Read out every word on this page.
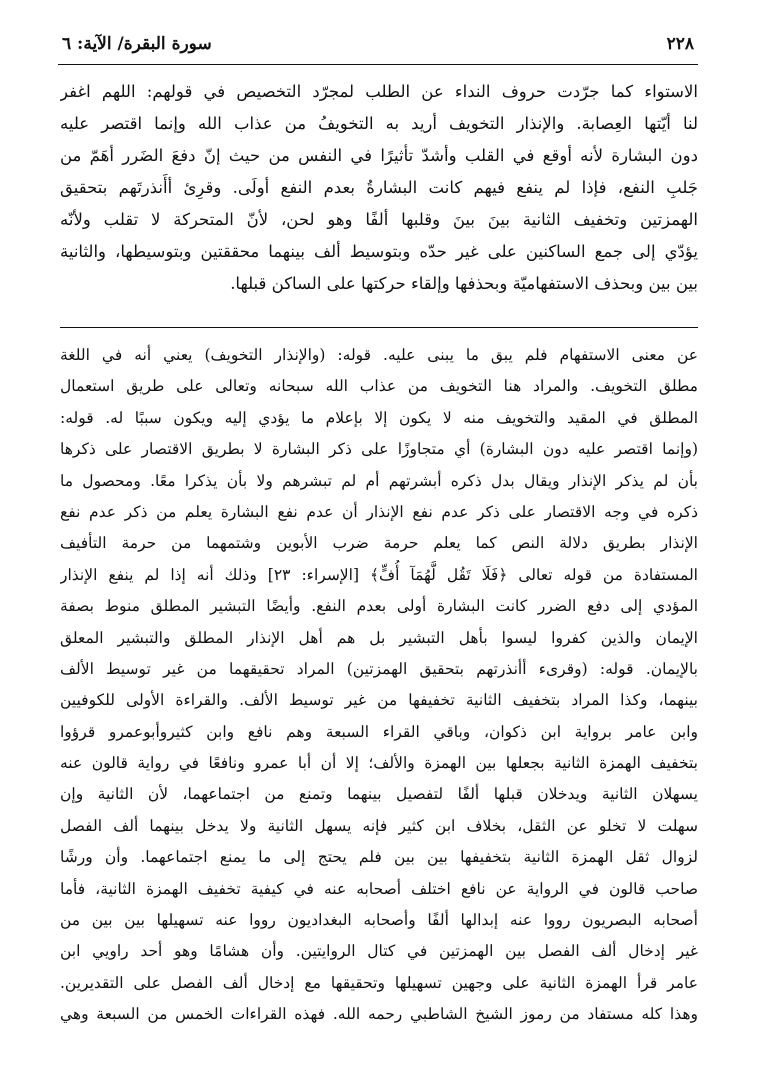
٢٢٨
سورة البقرة/ الآية: ٦
الاستواء كما جرّدت حروف النداء عن الطلب لمجرّد التخصيص في قولهم: اللهم اغفر
لنا أيّتها العِصابة. والإنذار التخويف أريد به التخويفُ من عذاب الله وإنما اقتصر عليه
دون البشارة لأنه أوقع في القلب وأشدّ تأثيرًا في النفس من حيث إنّ دفعَ الضَرر أهَمّ من
جَلبِ النفع، فإذا لم ينفع فيهم كانت البشارةُ بعدم النفع أولَى. وقرِئ أأَنذرتَهم بتحقيق
الهمزتين وتخفيف الثانية بينَ بينَ وقلبها ألفًا وهو لحن، لأنّ المتحركة لا تقلب ولأنّه
يؤدّي إلى جمع الساكنين على غير حدّه وبتوسيط ألف بينهما محققتين وبتوسيطها، والثانية
بين بين وبحذف الاستفهاميّة وبحذفها وإلقاء حركتها على الساكن قبلها.
عن معنى الاستفهام فلم يبق ما يبنى عليه. قوله: (والإنذار التخويف) يعني أنه في اللغة
مطلق التخويف. والمراد هنا التخويف من عذاب الله سبحانه وتعالى على طريق استعمال
المطلق في المقيد والتخويف منه لا يكون إلا بإعلام ما يؤدي إليه ويكون سببًا له. قوله:
(وإنما اقتصر عليه دون البشارة) أي متجاوزًا على ذكر البشارة لا بطريق الاقتصار على ذكرها
بأن لم يذكر الإنذار ويقال بدل ذكره أبشرتهم أم لم تبشرهم ولا بأن يذكرا معًا. ومحصول ما
ذكره في وجه الاقتصار على ذكر عدم نفع الإنذار أن عدم نفع البشارة يعلم من ذكر عدم نفع
الإنذار بطريق دلالة النص كما يعلم حرمة ضرب الأبوين وشتمهما من حرمة التأفيف
المستفادة من قوله تعالى ﴿فَلَا تَقُل لَّهُمَآ أُفٍّ﴾ [الإسراء: ٢٣] وذلك أنه إذا لم ينفع الإنذار
المؤدي إلى دفع الضرر كانت البشارة أولى بعدم النفع. وأيضًا التبشير المطلق منوط بصفة
الإيمان والذين كفروا ليسوا بأهل التبشير بل هم أهل الإنذار المطلق والتبشير المعلق
بالإيمان. قوله: (وقرىء أأنذرتهم بتحقيق الهمزتين) المراد تحقيقهما من غير توسيط الألف
بينهما، وكذا المراد بتخفيف الثانية تخفيفها من غير توسيط الألف. والقراءة الأولى للكوفيين
وابن عامر برواية ابن ذكوان، وباقي القراء السبعة وهم نافع وابن كثيروأبوعمرو قرؤوا
بتخفيف الهمزة الثانية بجعلها بين الهمزة والألف؛ إلا أن أبا عمرو ونافعًا في رواية قالون عنه
يسهلان الثانية ويدخلان قبلها ألفًا لتفصيل بينهما وتمنع من اجتماعهما، لأن الثانية وإن
سهلت لا تخلو عن الثقل، بخلاف ابن كثير فإنه يسهل الثانية ولا يدخل بينهما ألف الفصل
لزوال ثقل الهمزة الثانية بتخفيفها بين بين فلم يحتج إلى ما يمنع اجتماعهما. وأن ورشًا
صاحب قالون في الرواية عن نافع اختلف أصحابه عنه في كيفية تخفيف الهمزة الثانية، فأما
أصحابه البصريون رووا عنه إبدالها ألفًا وأصحابه البغداديون رووا عنه تسهيلها بين بين من
غير إدخال ألف الفصل بين الهمزتين في كتال الروايتين. وأن هشامًا وهو أحد راويي ابن
عامر قرأ الهمزة الثانية على وجهين تسهيلها وتحقيقها مع إدخال ألف الفصل على التقديرين.
وهذا كله مستفاد من رموز الشيخ الشاطبي رحمه الله. فهذه القراءات الخمس من السبعة وهي
